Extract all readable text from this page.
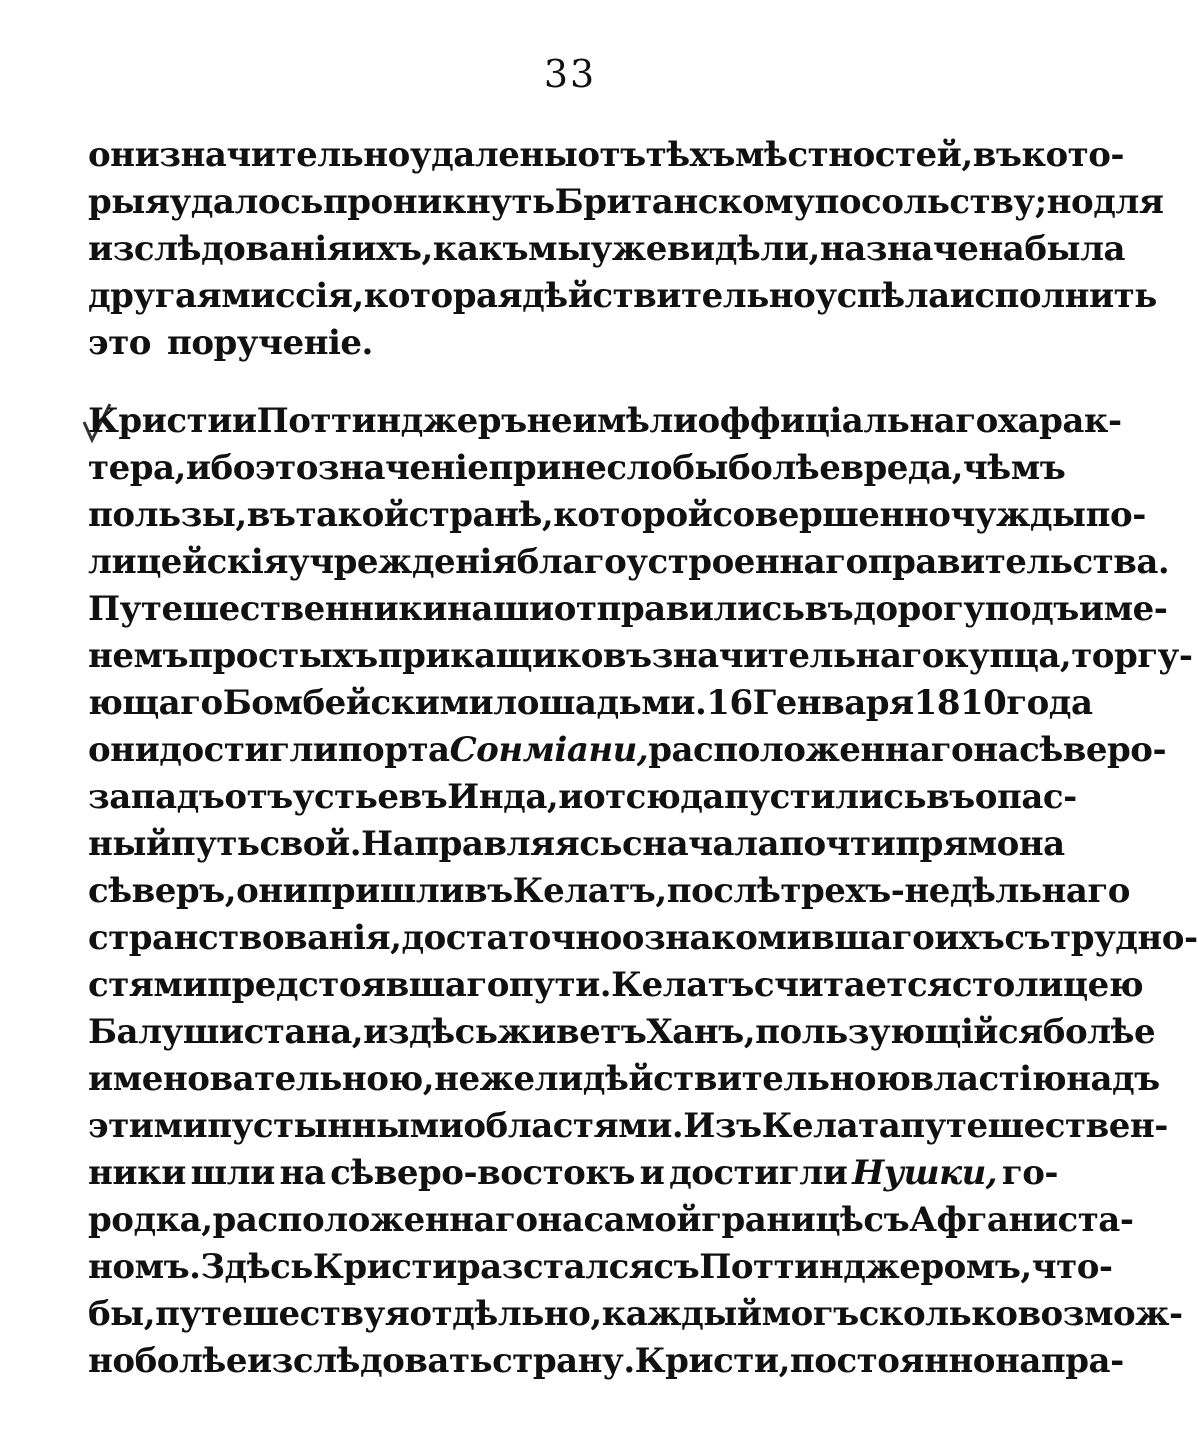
33
они значительно удалены отъ тѣхъ мѣстностей, въ кото-
рыя удалось проникнуть Британскому посольству; но для
изслѣдованія ихъ, какъ мы уже видѣли, назначена была
другая миссія, которая дѣйствительно успѣла исполнить
это порученіе.
Кристи и Поттинджеръ не имѣли оффиціальнаго харак-
тера, ибо это значеніе принесло бы болѣе вреда, чѣмъ
пользы, въ такой странѣ, которой совершенно чужды по-
лицейскія учрежденія благоустроеннаго правительства.
Путешественники наши отправились въ дорогу подъ име-
немъ простыхъ прикащиковъ значительнаго купца, торгу-
ющаго Бомбейскими лошадьми. 16 Генваря 1810 года
они достигли порта Сонміани, расположеннаго на сѣверо-
западъ отъ устьевъ Инда, и отсюда пустились въ опас-
ный путь свой. Направляясь сначала почти прямо на
сѣверъ, они пришли въ Келатъ, послѣ трехъ-недѣльнаго
странствованія, достаточно ознакомившаго ихъ съ трудно-
стями предстоявшаго пути. Келатъ считается столицею
Балушистана, и здѣсь живетъ Ханъ, пользующійся болѣе
именовательною, нежели дѣйствительною властію надъ
этими пустынными областями. Изъ Келата путешествен-
ники шли на сѣверо-востокъ и достигли Нушки, го-
родка, расположеннаго на самой границѣ съ Афганиста-
номъ. Здѣсь Кристи разстался съ Поттинджеромъ, что-
бы, путешествуя отдѣльно, каждый могъ сколько возмож-
но болѣе изслѣдовать страну. Кристи, постоянно напра-
